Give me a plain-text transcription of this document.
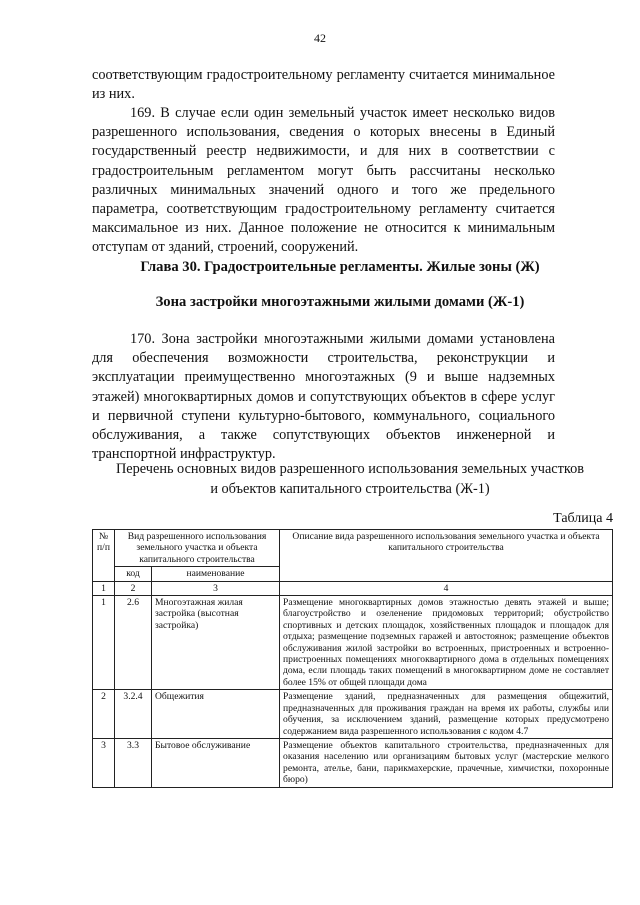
42

соответствующим градостроительному регламенту считается минимальное из них.

169. В случае если один земельный участок имеет несколько видов разрешенного использования, сведения о которых внесены в Единый государственный реестр недвижимости, и для них в соответствии с градостроительным регламентом могут быть рассчитаны несколько различных минимальных значений одного и того же предельного параметра, соответствующим градостроительному регламенту считается максимальное из них. Данное положение не относится к минимальным отступам от зданий, строений, сооружений.

Глава 30. Градостроительные регламенты. Жилые зоны (Ж)
Зона застройки многоэтажными жилыми домами (Ж-1)

170. Зона застройки многоэтажными жилыми домами установлена для обеспечения возможности строительства, реконструкции и эксплуатации преимущественно многоэтажных (9 и выше надземных этажей) многоквартирных домов и сопутствующих объектов в сфере услуг и первичной ступени культурно-бытового, коммунального, социального обслуживания, а также сопутствующих объектов инженерной и транспортной инфраструктур.

Перечень основных видов разрешенного использования земельных участков
и объектов капитального строительства (Ж-1)

Таблица 4
№ п/п	Вид разрешенного использования земельного участка и объекта капитального строительства		Описание вида разрешенного использования земельного участка и объекта капитального строительства
	код	наименование	
1	2	3	4
1	2.6	Многоэтажная жилая застройка (высотная застройка)	Размещение многоквартирных домов этажностью девять этажей и выше; благоустройство и озеленение придомовых территорий; обустройство спортивных и детских площадок, хозяйственных площадок и площадок для отдыха; размещение подземных гаражей и автостоянок; размещение объектов обслуживания жилой застройки во встроенных, пристроенных и встроенно-пристроенных помещениях многоквартирного дома в отдельных помещениях дома, если площадь таких помещений в многоквартирном доме не составляет более 15% от общей площади дома
2	3.2.4	Общежития	Размещение зданий, предназначенных для размещения общежитий, предназначенных для проживания граждан на время их работы, службы или обучения, за исключением зданий, размещение которых предусмотрено содержанием вида разрешенного использования с кодом 4.7
3	3.3	Бытовое обслуживание	Размещение объектов капитального строительства, предназначенных для оказания населению или организациям бытовых услуг (мастерские мелкого ремонта, ателье, бани, парикмахерские, прачечные, химчистки, похоронные бюро)
